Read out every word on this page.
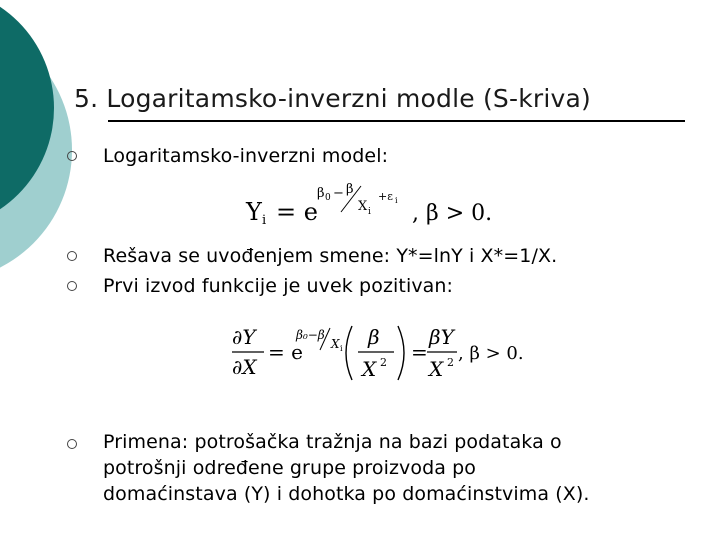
5. Logaritamsko-inverzni modle (S-kriva)
Logaritamsko-inverzni model:
Y i = e
β 0 − β
X i
+ε i
, β > 0.
Rešava se uvođenjem smene: Y*=lnY i X*=1/X.
Prvi izvod funkcije je uvek pozitivan:
∂Y
∂X
= e
β₀−β
X i β
X 2 =
βY
X 2 , β > 0.
Primena: potrošačka tražnja na bazi podataka o
potrošnji određene grupe proizvoda po
domaćinstava (Y) i dohotka po domaćinstvima (X).
